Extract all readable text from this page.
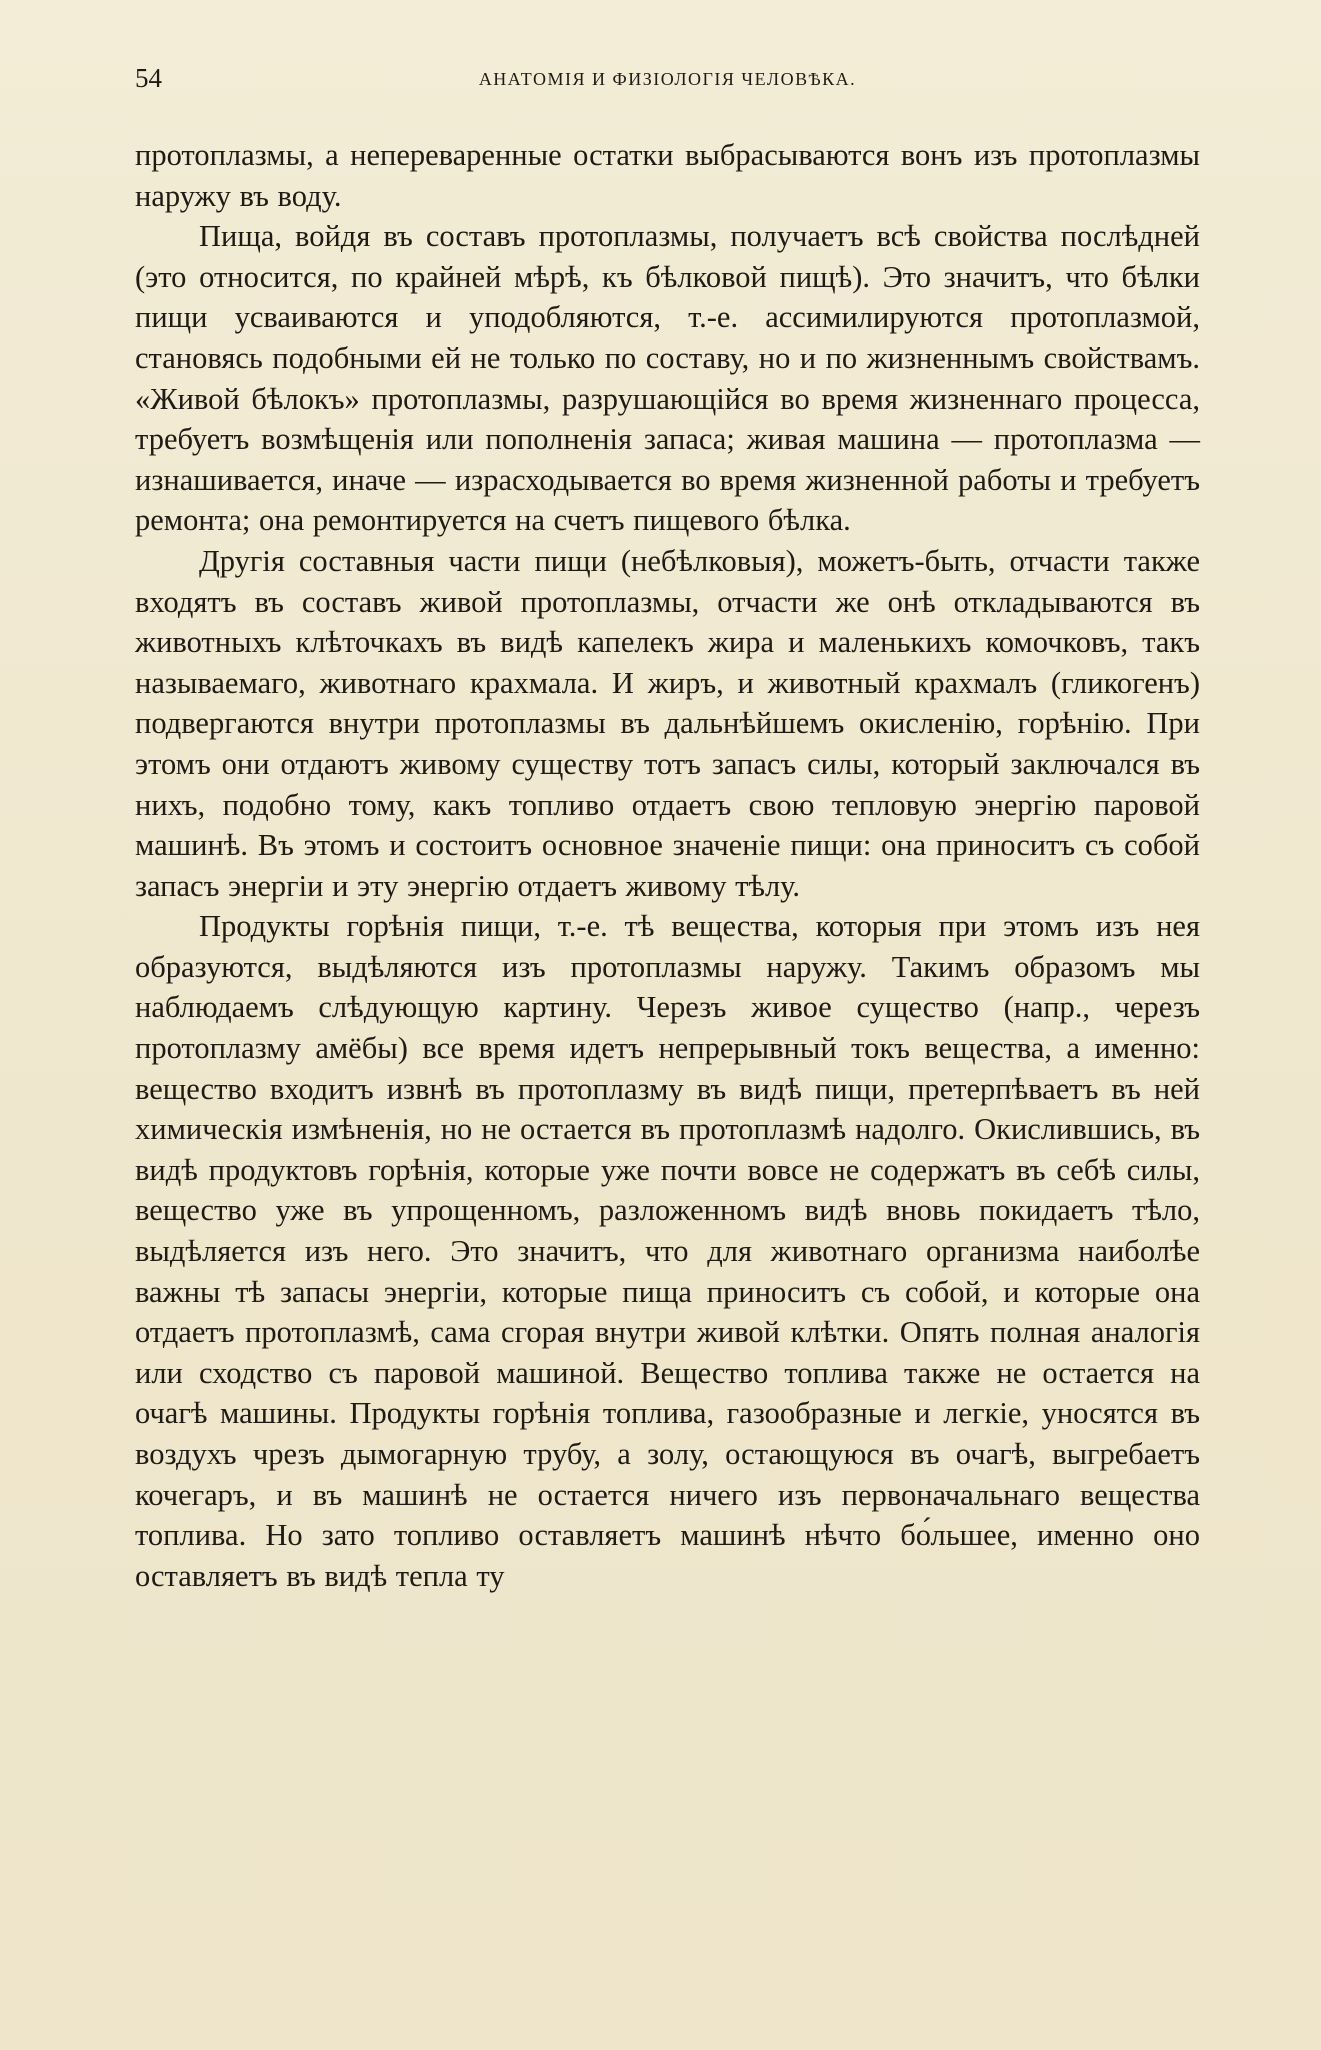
54	АНАТОМІЯ И ФИЗІОЛОГІЯ ЧЕЛОВѢКА.

протоплазмы, а непереваренные остатки выбрасываются вонъ изъ протоплазмы наружу въ воду.

Пища, войдя въ составъ протоплазмы, получаетъ всѣ свойства послѣдней (это относится, по крайней мѣрѣ, къ бѣлковой пищѣ). Это значитъ, что бѣлки пищи усваиваются и уподобляются, т.-е. ассимилируются протоплазмой, становясь подобными ей не только по составу, но и по жизненнымъ свойствамъ. «Живой бѣлокъ» протоплазмы, разрушающійся во время жизненнаго процесса, требуетъ возмѣщенія или пополненія запаса; живая машина — протоплазма — изнашивается, иначе — израсходывается во время жизненной работы и требуетъ ремонта; она ремонтируется на счетъ пищевого бѣлка.

Другія составныя части пищи (небѣлковыя), можетъ-быть, отчасти также входятъ въ составъ живой протоплазмы, отчасти же онѣ откладываются въ животныхъ клѣточкахъ въ видѣ капелекъ жира и маленькихъ комочковъ, такъ называемаго, животнаго крахмала. И жиръ, и животный крахмалъ (гликогенъ) подвергаются внутри протоплазмы въ дальнѣйшемъ окисленію, горѣнію. При этомъ они отдаютъ живому существу тотъ запасъ силы, который заключался въ нихъ, подобно тому, какъ топливо отдаетъ свою тепловую энергію паровой машинѣ. Въ этомъ и состоитъ основное значеніе пищи: она приноситъ съ собой запасъ энергіи и эту энергію отдаетъ живому тѣлу.

Продукты горѣнія пищи, т.-е. тѣ вещества, которыя при этомъ изъ нея образуются, выдѣляются изъ протоплазмы наружу. Такимъ образомъ мы наблюдаемъ слѣдующую картину. Черезъ живое существо (напр., черезъ протоплазму амёбы) все время идетъ непрерывный токъ вещества, а именно: вещество входитъ извнѣ въ протоплазму въ видѣ пищи, претерпѣваетъ въ ней химическія измѣненія, но не остается въ протоплазмѣ надолго. Окислившись, въ видѣ продуктовъ горѣнія, которые уже почти вовсе не содержатъ въ себѣ силы, вещество уже въ упрощенномъ, разложенномъ видѣ вновь покидаетъ тѣло, выдѣляется изъ него. Это значитъ, что для животнаго организма наиболѣе важны тѣ запасы энергіи, которые пища приноситъ съ собой, и которые она отдаетъ протоплазмѣ, сама сгорая внутри живой клѣтки. Опять полная аналогія или сходство съ паровой машиной. Вещество топлива также не остается на очагѣ машины. Продукты горѣнія топлива, газообразные и легкіе, уносятся въ воздухъ чрезъ дымогарную трубу, а золу, остающуюся въ очагѣ, выгребаетъ кочегаръ, и въ машинѣ не остается ничего изъ первоначальнаго вещества топлива. Но зато топливо оставляетъ машинѣ нѣчто бо́льшее, именно оно оставляетъ въ видѣ тепла ту
